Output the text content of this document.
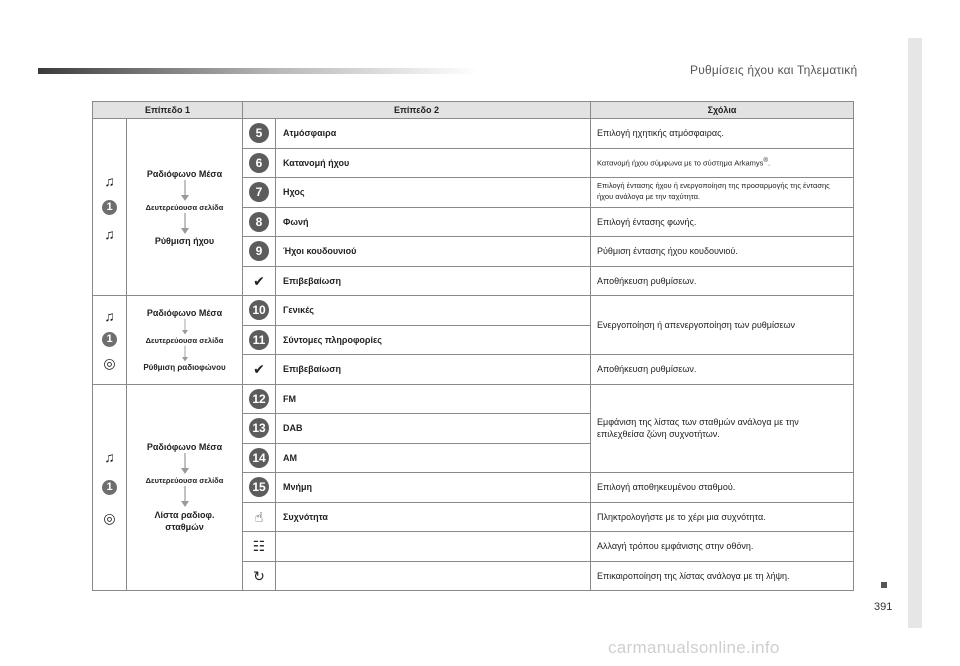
Ρυθμίσεις ήχου και Τηλεματική
391
carmanualsonline.info
Επίπεδο 1		Επίπεδο 2		Σχόλια

♫
1
♫	Ραδιόφωνο Μέσα
Δευτερεύουσα σελίδα
Ρύθμιση ήχου	5	Ατμόσφαιρα	Επιλογή ηχητικής ατμόσφαιρας.
		6	Κατανομή ήχου	Κατανομή ήχου σύμφωνα με το σύστημα Arkamys®.
		7	Ηχος	Επιλογή έντασης ήχου ή ενεργοποίηση της προσαρμογής της έντασης ήχου ανάλογα με την ταχύτητα.
		8	Φωνή	Επιλογή έντασης φωνής.
		9	Ήχοι κουδουνιού	Ρύθμιση έντασης ήχου κουδουνιού.
		✔	Επιβεβαίωση	Αποθήκευση ρυθμίσεων.

♫
1
◎	Ραδιόφωνο Μέσα
Δευτερεύουσα σελίδα
Ρύθμιση ραδιοφώνου	10	Γενικές	Ενεργοποίηση ή απενεργοποίηση των ρυθμίσεων
		11	Σύντομες πληροφορίες	
		✔	Επιβεβαίωση	Αποθήκευση ρυθμίσεων.

♫
1
◎	Ραδιόφωνο Μέσα
Δευτερεύουσα σελίδα
Λίστα ραδιοφ. σταθμών	12	FM	Εμφάνιση της λίστας των σταθμών ανάλογα με την επιλεχθείσα ζώνη συχνοτήτων.
		13	DAB	
		14	AM	
		15	Μνήμη	Επιλογή αποθηκευμένου σταθμού.
		☝	Συχνότητα	Πληκτρολογήστε με το χέρι μια συχνότητα.
		☷		Αλλαγή τρόπου εμφάνισης στην οθόνη.
		↻		Επικαιροποίηση της λίστας ανάλογα με τη λήψη.
